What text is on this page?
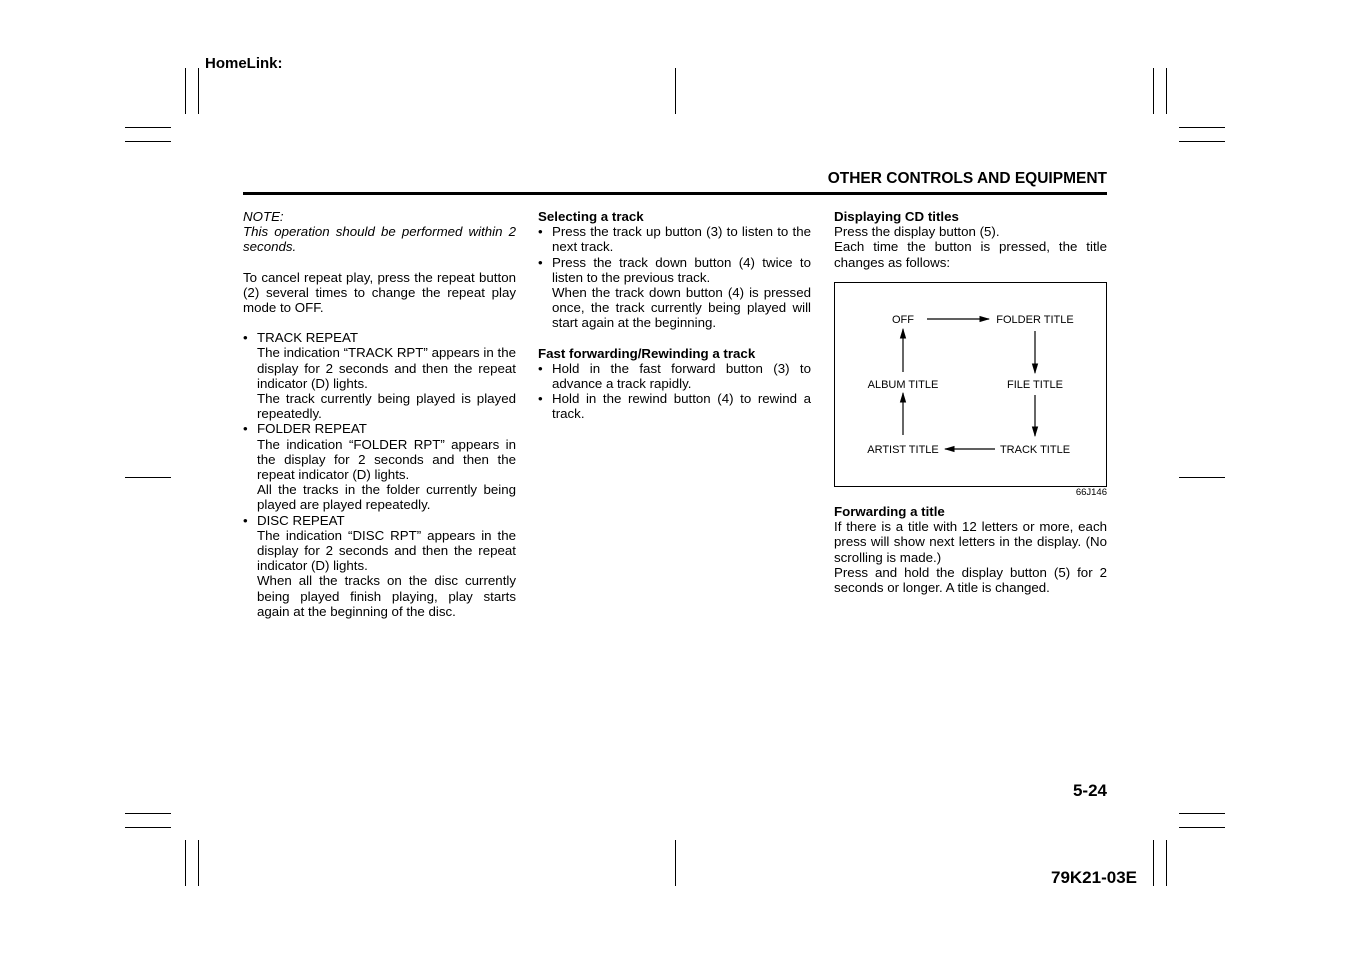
HomeLink:
OTHER CONTROLS AND EQUIPMENT
NOTE:
This operation should be performed within 2 seconds.
To cancel repeat play, press the repeat button (2) several times to change the repeat play mode to OFF.
• TRACK REPEAT
The indication “TRACK RPT” appears in the display for 2 seconds and then the repeat indicator (D) lights.
The track currently being played is played repeatedly.
• FOLDER REPEAT
The indication “FOLDER RPT” appears in the display for 2 seconds and then the repeat indicator (D) lights.
All the tracks in the folder currently being played are played repeatedly.
• DISC REPEAT
The indication “DISC RPT” appears in the display for 2 seconds and then the repeat indicator (D) lights.
When all the tracks on the disc currently being played finish playing, play starts again at the beginning of the disc.
Selecting a track
• Press the track up button (3) to listen to the next track.
• Press the track down button (4) twice to listen to the previous track.
When the track down button (4) is pressed once, the track currently being played will start again at the beginning.
Fast forwarding/Rewinding a track
• Hold in the fast forward button (3) to advance a track rapidly.
• Hold in the rewind button (4) to rewind a track.
Displaying CD titles
Press the display button (5).
Each time the button is pressed, the title changes as follows:
OFF	FOLDER TITLE
ALBUM TITLE	FILE TITLE
ARTIST TITLE	TRACK TITLE
66J146
Forwarding a title
If there is a title with 12 letters or more, each press will show next letters in the display. (No scrolling is made.)
Press and hold the display button (5) for 2 seconds or longer. A title is changed.
5-24
79K21-03E
